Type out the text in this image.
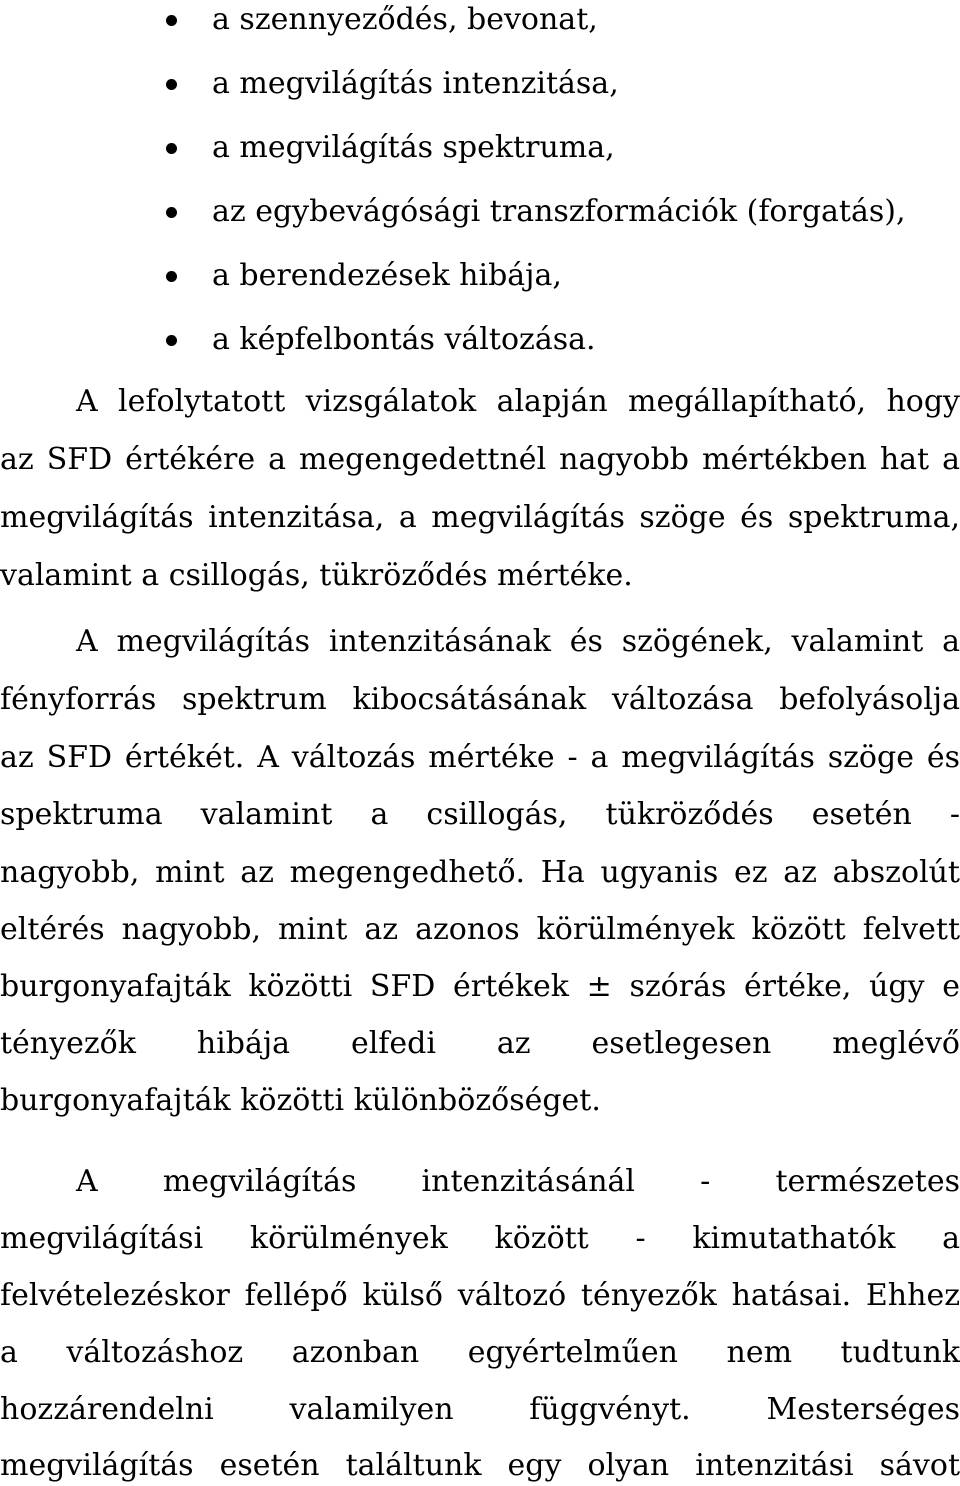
a szennyeződés, bevonat,
a megvilágítás intenzitása,
a megvilágítás spektruma,
az egybevágósági transzformációk (forgatás),
a berendezések hibája,
a képfelbontás változása.
A lefolytatott vizsgálatok alapján megállapítható, hogy
az SFD értékére a megengedettnél nagyobb mértékben hat a
megvilágítás intenzitása, a megvilágítás szöge és spektruma,
valamint a csillogás, tükröződés mértéke.
A megvilágítás intenzitásának és szögének, valamint a
fényforrás spektrum kibocsátásának változása befolyásolja
az SFD értékét. A változás mértéke - a megvilágítás szöge és
spektruma valamint a csillogás, tükröződés esetén -
nagyobb, mint az megengedhető. Ha ugyanis ez az abszolút
eltérés nagyobb, mint az azonos körülmények között felvett
burgonyafajták közötti SFD értékek ± szórás értéke, úgy e
tényezők hibája elfedi az esetlegesen meglévő
burgonyafajták közötti különbözőséget.
A megvilágítás intenzitásánál - természetes
megvilágítási körülmények között - kimutathatók a
felvételezéskor fellépő külső változó tényezők hatásai. Ehhez
a változáshoz azonban egyértelműen nem tudtunk
hozzárendelni valamilyen függvényt. Mesterséges
megvilágítás esetén találtunk egy olyan intenzitási sávot
